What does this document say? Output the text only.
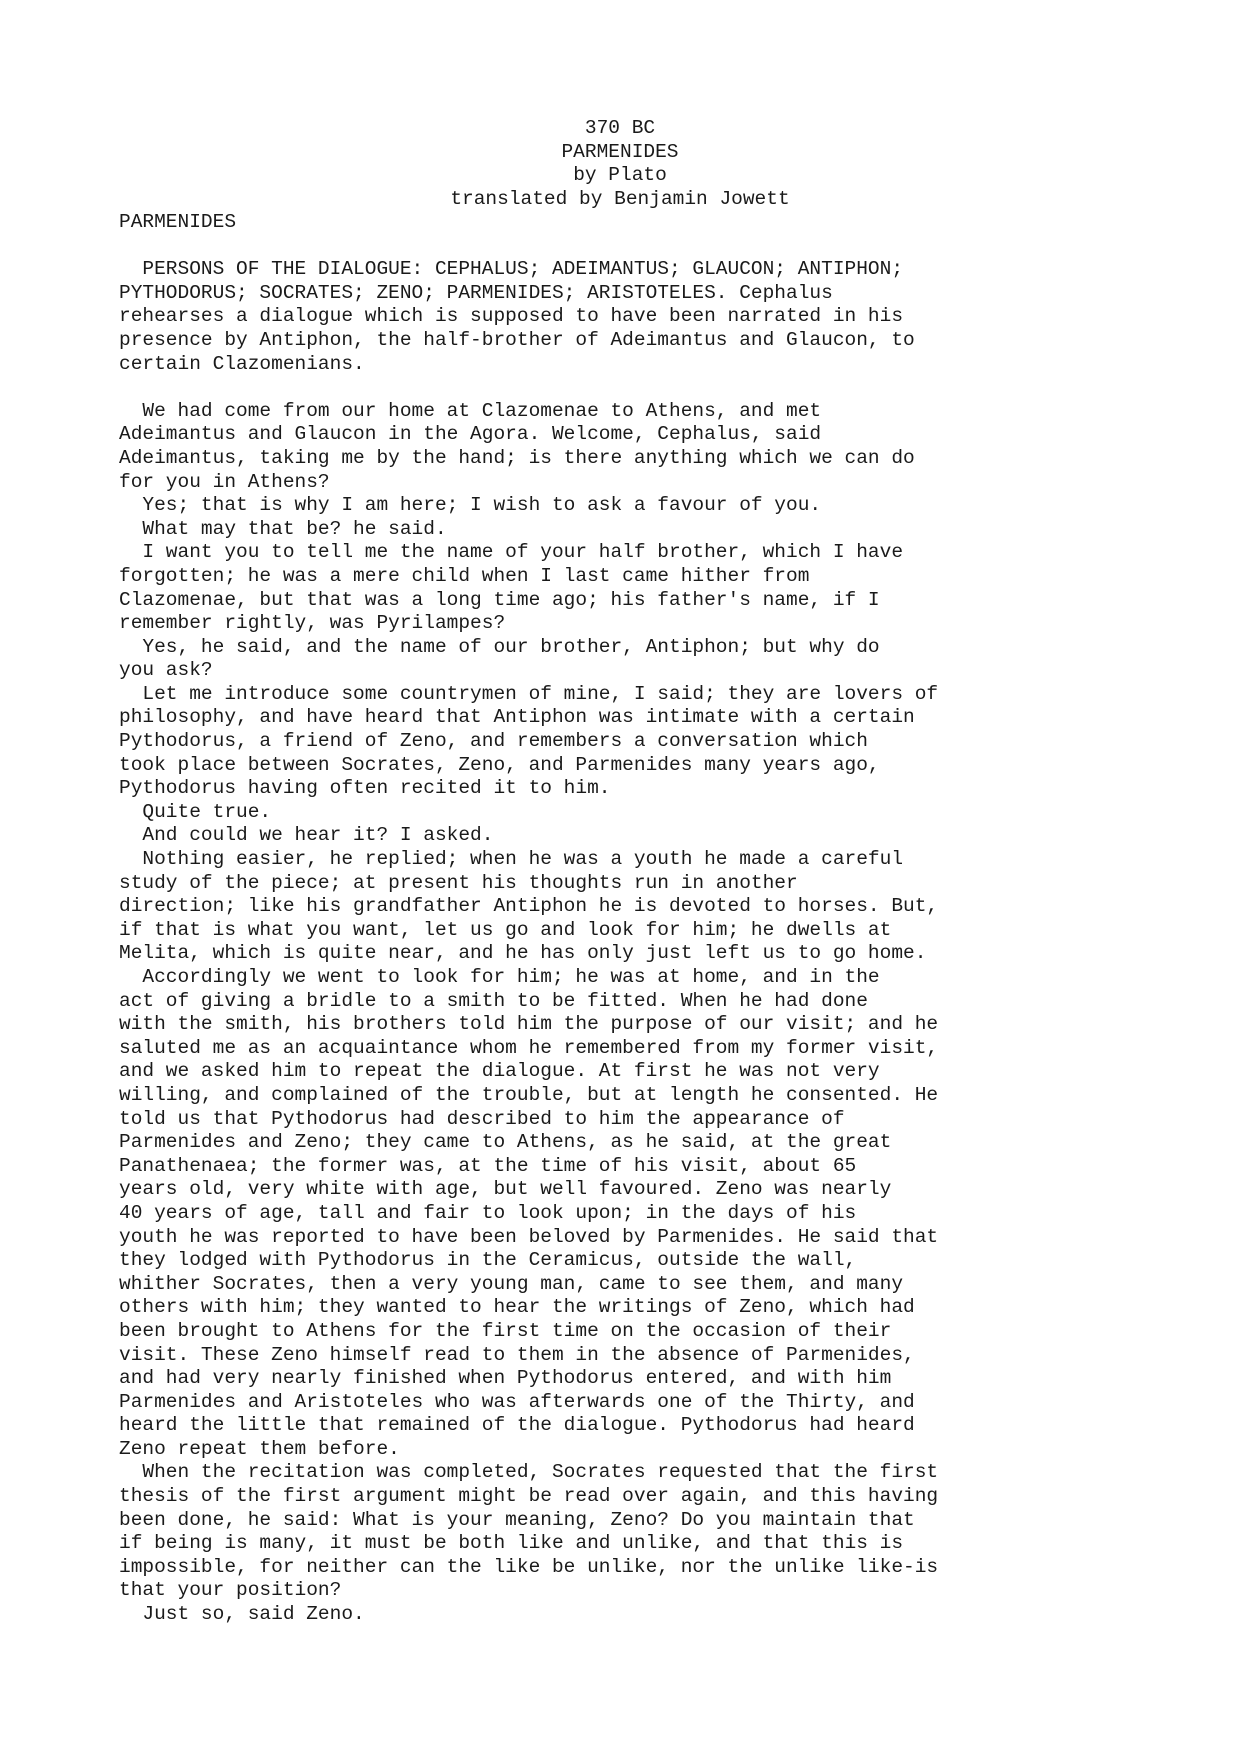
370 BC
PARMENIDES
by Plato
translated by Benjamin Jowett
PARMENIDES
PERSONS OF THE DIALOGUE: CEPHALUS; ADEIMANTUS; GLAUCON; ANTIPHON;
PYTHODORUS; SOCRATES; ZENO; PARMENIDES; ARISTOTELES. Cephalus
rehearses a dialogue which is supposed to have been narrated in his
presence by Antiphon, the half-brother of Adeimantus and Glaucon, to
certain Clazomenians.
We had come from our home at Clazomenae to Athens, and met
Adeimantus and Glaucon in the Agora. Welcome, Cephalus, said
Adeimantus, taking me by the hand; is there anything which we can do
for you in Athens?
Yes; that is why I am here; I wish to ask a favour of you.
What may that be? he said.
I want you to tell me the name of your half brother, which I have
forgotten; he was a mere child when I last came hither from
Clazomenae, but that was a long time ago; his father's name, if I
remember rightly, was Pyrilampes?
Yes, he said, and the name of our brother, Antiphon; but why do
you ask?
Let me introduce some countrymen of mine, I said; they are lovers of
philosophy, and have heard that Antiphon was intimate with a certain
Pythodorus, a friend of Zeno, and remembers a conversation which
took place between Socrates, Zeno, and Parmenides many years ago,
Pythodorus having often recited it to him.
Quite true.
And could we hear it? I asked.
Nothing easier, he replied; when he was a youth he made a careful
study of the piece; at present his thoughts run in another
direction; like his grandfather Antiphon he is devoted to horses. But,
if that is what you want, let us go and look for him; he dwells at
Melita, which is quite near, and he has only just left us to go home.
Accordingly we went to look for him; he was at home, and in the
act of giving a bridle to a smith to be fitted. When he had done
with the smith, his brothers told him the purpose of our visit; and he
saluted me as an acquaintance whom he remembered from my former visit,
and we asked him to repeat the dialogue. At first he was not very
willing, and complained of the trouble, but at length he consented. He
told us that Pythodorus had described to him the appearance of
Parmenides and Zeno; they came to Athens, as he said, at the great
Panathenaea; the former was, at the time of his visit, about 65
years old, very white with age, but well favoured. Zeno was nearly
40 years of age, tall and fair to look upon; in the days of his
youth he was reported to have been beloved by Parmenides. He said that
they lodged with Pythodorus in the Ceramicus, outside the wall,
whither Socrates, then a very young man, came to see them, and many
others with him; they wanted to hear the writings of Zeno, which had
been brought to Athens for the first time on the occasion of their
visit. These Zeno himself read to them in the absence of Parmenides,
and had very nearly finished when Pythodorus entered, and with him
Parmenides and Aristoteles who was afterwards one of the Thirty, and
heard the little that remained of the dialogue. Pythodorus had heard
Zeno repeat them before.
When the recitation was completed, Socrates requested that the first
thesis of the first argument might be read over again, and this having
been done, he said: What is your meaning, Zeno? Do you maintain that
if being is many, it must be both like and unlike, and that this is
impossible, for neither can the like be unlike, nor the unlike like-is
that your position?
Just so, said Zeno.
